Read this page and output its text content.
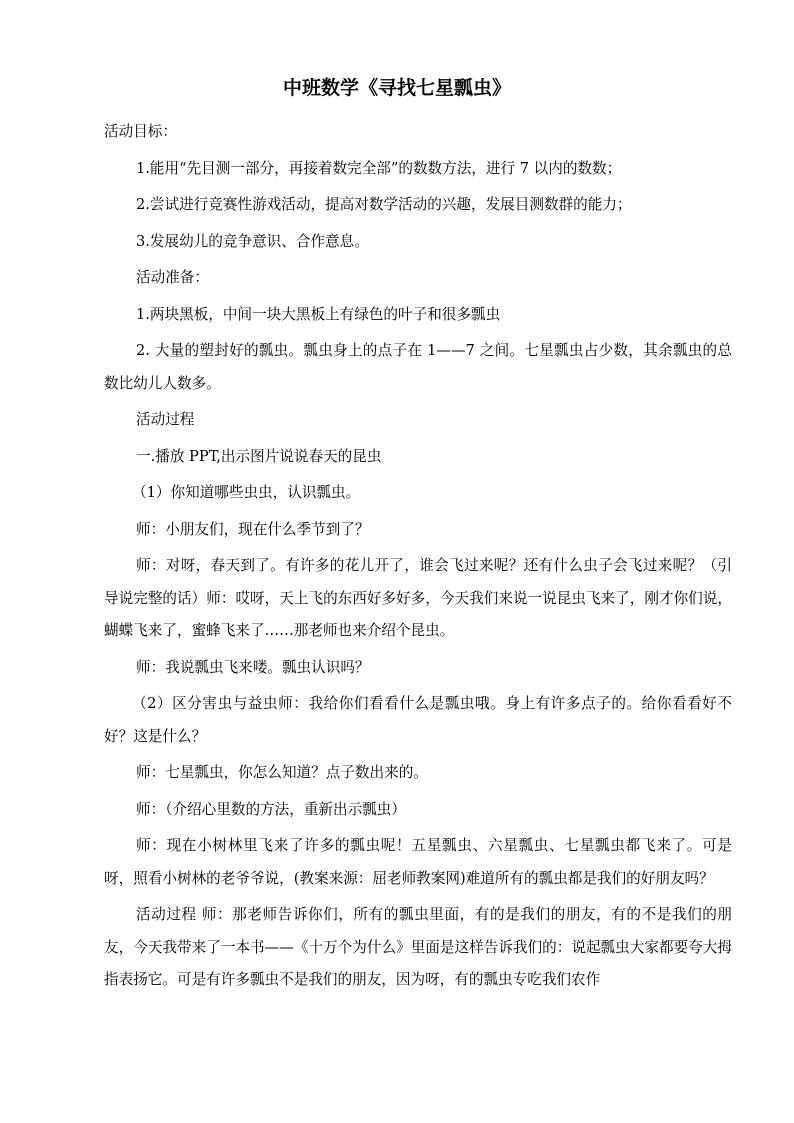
中班数学《寻找七星瓢虫》

活动目标：

1.能用“先目测一部分，再接着数完全部”的数数方法，进行 7 以内的数数；

2.尝试进行竞赛性游戏活动，提高对数学活动的兴趣，发展目测数群的能力；

3.发展幼儿的竞争意识、合作意息。

活动准备：

1.两块黑板，中间一块大黑板上有绿色的叶子和很多瓢虫

2. 大量的塑封好的瓢虫。瓢虫身上的点子在 1——7 之间。七星瓢虫占少数，其余瓢虫的总数比幼儿人数多。

活动过程

一.播放 PPT,出示图片说说春天的昆虫

（1）你知道哪些虫虫，认识瓢虫。

师：小朋友们，现在什么季节到了？

师：对呀，春天到了。有许多的花儿开了，谁会飞过来呢？还有什么虫子会飞过来呢？（引导说完整的话）师：哎呀，天上飞的东西好多好多，今天我们来说一说昆虫飞来了，刚才你们说，蝴蝶飞来了，蜜蜂飞来了……那老师也来介绍个昆虫。

师：我说瓢虫飞来喽。瓢虫认识吗？

（2）区分害虫与益虫师：我给你们看看什么是瓢虫哦。身上有许多点子的。给你看看好不好？这是什么？

师：七星瓢虫，你怎么知道？点子数出来的。

师：（介绍心里数的方法，重新出示瓢虫）

师：现在小树林里飞来了许多的瓢虫呢！五星瓢虫、六星瓢虫、七星瓢虫都飞来了。可是呀，照看小树林的老爷爷说，(教案来源：屈老师教案网)难道所有的瓢虫都是我们的好朋友吗？

活动过程 师：那老师告诉你们，所有的瓢虫里面，有的是我们的朋友，有的不是我们的朋友，今天我带来了一本书——《十万个为什么》里面是这样告诉我们的：说起瓢虫大家都要夸大拇指表扬它。可是有许多瓢虫不是我们的朋友，因为呀，有的瓢虫专吃我们农作
